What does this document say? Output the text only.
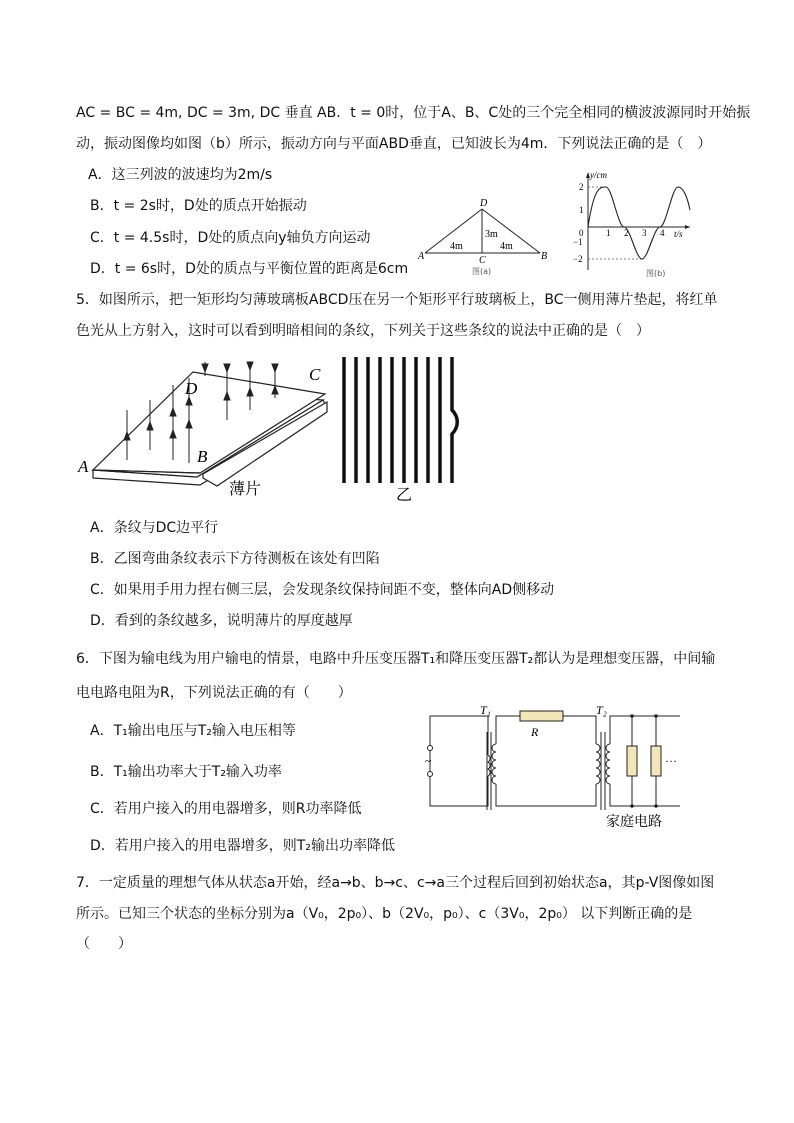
AC = BC = 4m, DC = 3m, DC 垂直 AB．t = 0时，位于A、B、C处的三个完全相同的横波波源同时开始振
动，振动图像均如图（b）所示，振动方向与平面ABD垂直，已知波长为4m．下列说法正确的是（　）
A．这三列波的波速均为2m/s
B．t = 2s时，D处的质点开始振动
C．t = 4.5s时，D处的质点向y轴负方向运动
D．t = 6s时，D处的质点与平衡位置的距离是6cm
D
A	B
C
4m	4m
3m
图(a)
y/cm
t/s
0
2
1
−1
−2
1 2 3 4
图(b)
5．如图所示，把一矩形均匀薄玻璃板ABCD压在另一个矩形平行玻璃板上，BC一侧用薄片垫起，将红单
色光从上方射入，这时可以看到明暗相间的条纹，下列关于这些条纹的说法中正确的是（　）
A
B
C
D
薄片	乙
A．条纹与DC边平行
B．乙图弯曲条纹表示下方待测板在该处有凹陷
C．如果用手用力捏右侧三层，会发现条纹保持间距不变，整体向AD侧移动
D．看到的条纹越多，说明薄片的厚度越厚
6．下图为输电线为用户输电的情景，电路中升压变压器T₁和降压变压器T₂都认为是理想变压器，中间输
电电路电阻为R，下列说法正确的有（　　）
A．T₁输出电压与T₂输入电压相等
B．T₁输出功率大于T₂输入功率
C．若用户接入的用电器增多，则R功率降低
D．若用户接入的用电器增多，则T₂输出功率降低
~
T₁
R
T₂
…
家庭电路
7．一定质量的理想气体从状态a开始，经a→b、b→c、c→a三个过程后回到初始状态a，其p-V图像如图
所示。已知三个状态的坐标分别为a（V₀，2p₀）、b（2V₀，p₀）、c（3V₀，2p₀） 以下判断正确的是
（　　）
